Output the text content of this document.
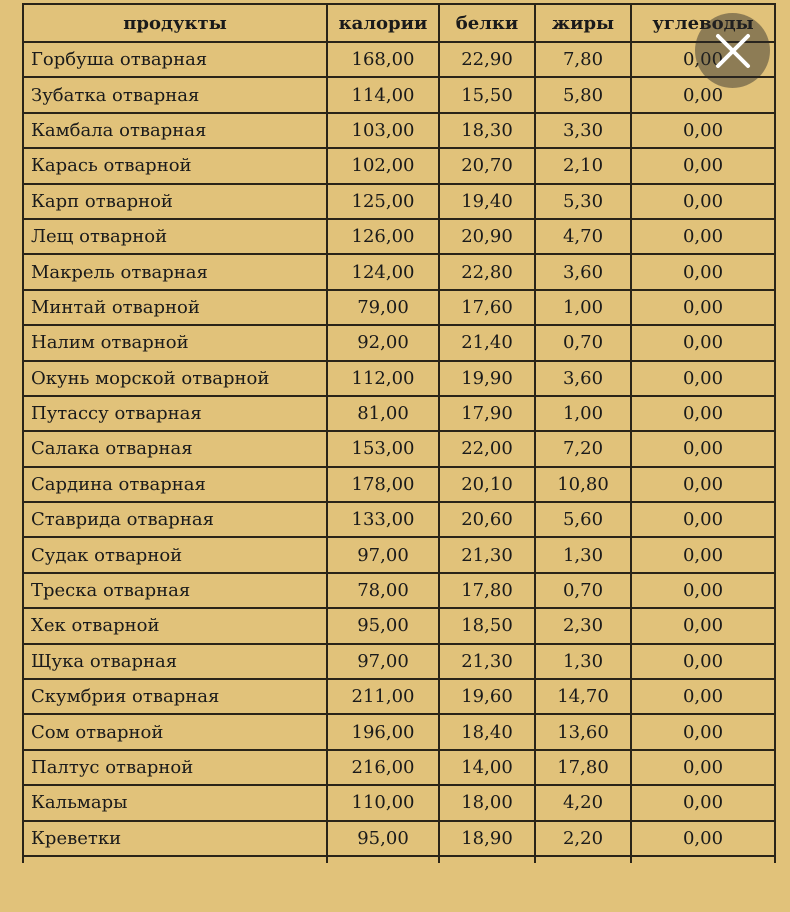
продукты	калории	белки	жиры	углеводы
Горбуша отварная	168,00	22,90	7,80	0,00
Зубатка отварная	114,00	15,50	5,80	0,00
Камбала отварная	103,00	18,30	3,30	0,00
Карась отварной	102,00	20,70	2,10	0,00
Карп отварной	125,00	19,40	5,30	0,00
Лещ отварной	126,00	20,90	4,70	0,00
Макрель отварная	124,00	22,80	3,60	0,00
Минтай отварной	79,00	17,60	1,00	0,00
Налим отварной	92,00	21,40	0,70	0,00
Окунь морской отварной	112,00	19,90	3,60	0,00
Путассу отварная	81,00	17,90	1,00	0,00
Салака отварная	153,00	22,00	7,20	0,00
Сардина отварная	178,00	20,10	10,80	0,00
Ставрида отварная	133,00	20,60	5,60	0,00
Судак отварной	97,00	21,30	1,30	0,00
Треска отварная	78,00	17,80	0,70	0,00
Хек отварной	95,00	18,50	2,30	0,00
Щука отварная	97,00	21,30	1,30	0,00
Скумбрия отварная	211,00	19,60	14,70	0,00
Сом отварной	196,00	18,40	13,60	0,00
Палтус отварной	216,00	14,00	17,80	0,00
Кальмары	110,00	18,00	4,20	0,00
Креветки	95,00	18,90	2,20	0,00
